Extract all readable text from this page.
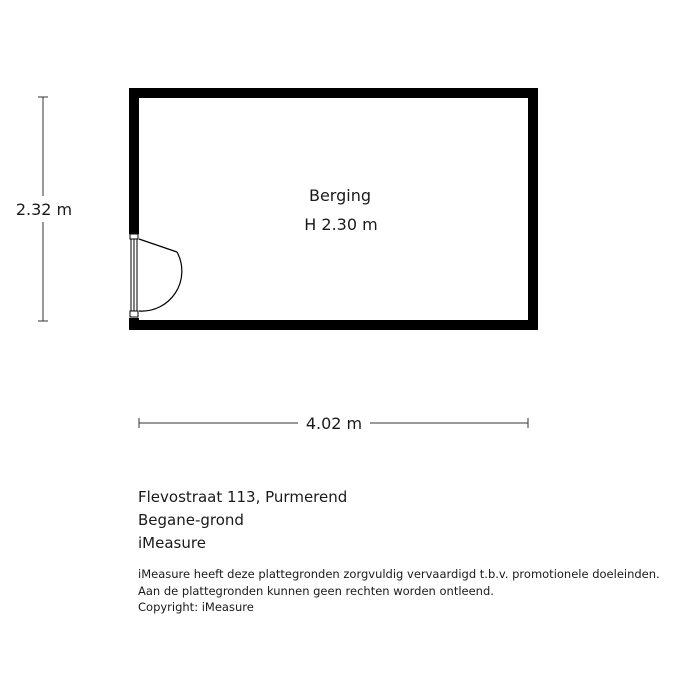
Berging
H 2.30 m
2.32 m
4.02 m
Flevostraat 113, Purmerend
Begane-grond
iMeasure
iMeasure heeft deze plattegronden zorgvuldig vervaardigd t.b.v. promotionele doeleinden.
Aan de plattegronden kunnen geen rechten worden ontleend.
Copyright: iMeasure
